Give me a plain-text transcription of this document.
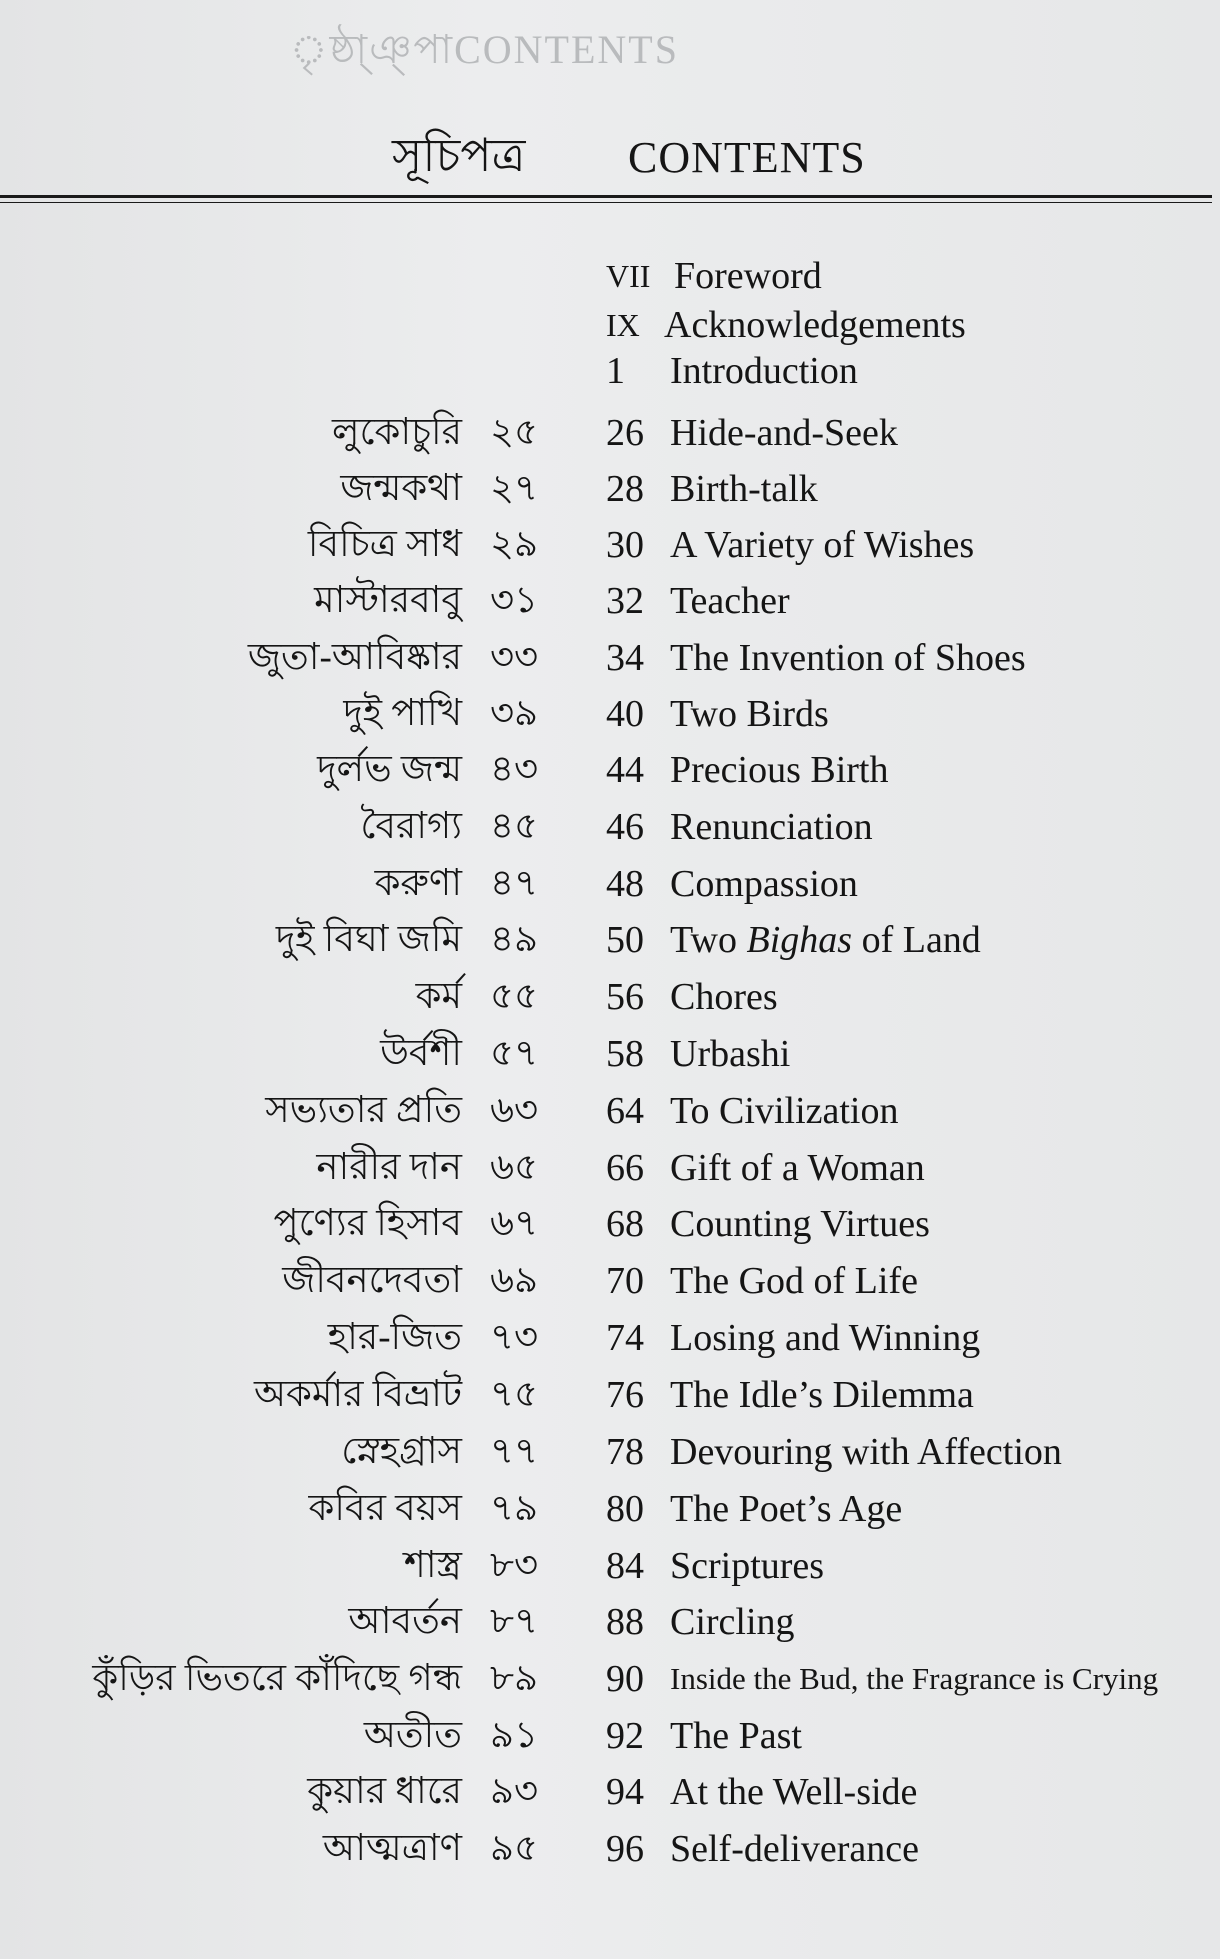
ৃষ্ঠা্ঞ্পাCONTENTS
সূচিপত্র CONTENTS
VII Foreword
IX Acknowledgements
1 Introduction
লুকোচুরি ২৫	26 Hide-and-Seek
জন্মকথা ২৭	28 Birth-talk
বিচিত্র সাধ ২৯	30 A Variety of Wishes
মাস্টারবাবু ৩১	32 Teacher
জুতা-আবিষ্কার ৩৩	34 The Invention of Shoes
দুই পাখি ৩৯	40 Two Birds
দুর্লভ জন্ম ৪৩	44 Precious Birth
বৈরাগ্য ৪৫	46 Renunciation
করুণা ৪৭	48 Compassion
দুই বিঘা জমি ৪৯	50 Two Bighas of Land
কর্ম ৫৫	56 Chores
উর্বশী ৫৭	58 Urbashi
সভ্যতার প্রতি ৬৩	64 To Civilization
নারীর দান ৬৫	66 Gift of a Woman
পুণ্যের হিসাব ৬৭	68 Counting Virtues
জীবনদেবতা ৬৯	70 The God of Life
হার-জিত ৭৩	74 Losing and Winning
অকর্মার বিভ্রাট ৭৫	76 The Idle’s Dilemma
স্নেহগ্রাস ৭৭	78 Devouring with Affection
কবির বয়স ৭৯	80 The Poet’s Age
শাস্ত্র ৮৩	84 Scriptures
আবর্তন ৮৭	88 Circling
কুঁড়ির ভিতরে কাঁদিছে গন্ধ ৮৯	90 Inside the Bud, the Fragrance is Crying
অতীত ৯১	92 The Past
কুয়ার ধারে ৯৩	94 At the Well-side
আত্মত্রাণ ৯৫	96 Self-deliverance
